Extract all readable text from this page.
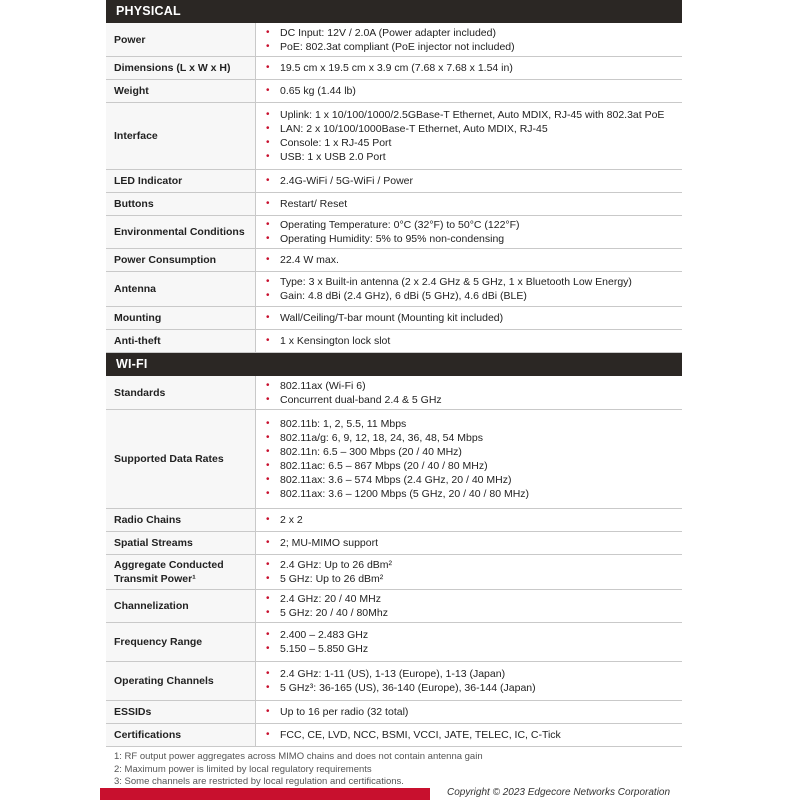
PHYSICAL
Power
• DC Input: 12V / 2.0A (Power adapter included)
• PoE: 802.3at compliant (PoE injector not included)
Dimensions (L x W x H)	• 19.5 cm x 19.5 cm x 3.9 cm (7.68 x 7.68 x 1.54 in)
Weight	• 0.65 kg (1.44 lb)
Interface
• Uplink: 1 x 10/100/1000/2.5GBase-T Ethernet, Auto MDIX, RJ-45 with 802.3at PoE
• LAN: 2 x 10/100/1000Base-T Ethernet, Auto MDIX, RJ-45
• Console: 1 x RJ-45 Port
• USB: 1 x USB 2.0 Port
LED Indicator	• 2.4G-WiFi / 5G-WiFi / Power
Buttons	• Restart/ Reset
Environmental Conditions
• Operating Temperature: 0°C (32°F) to 50°C (122°F)
• Operating Humidity: 5% to 95% non-condensing
Power Consumption	• 22.4 W max.
Antenna
• Type: 3 x Built-in antenna (2 x 2.4 GHz & 5 GHz, 1 x Bluetooth Low Energy)
• Gain: 4.8 dBi (2.4 GHz), 6 dBi (5 GHz), 4.6 dBi (BLE)
Mounting	• Wall/Ceiling/T-bar mount (Mounting kit included)
Anti-theft	• 1 x Kensington lock slot
WI-FI
Standards
• 802.11ax (Wi-Fi 6)
• Concurrent dual-band 2.4 & 5 GHz
Supported Data Rates
• 802.11b: 1, 2, 5.5, 11 Mbps
• 802.11a/g: 6, 9, 12, 18, 24, 36, 48, 54 Mbps
• 802.11n: 6.5 – 300 Mbps (20 / 40 MHz)
• 802.11ac: 6.5 – 867 Mbps (20 / 40 / 80 MHz)
• 802.11ax: 3.6 – 574 Mbps (2.4 GHz, 20 / 40 MHz)
• 802.11ax: 3.6 – 1200 Mbps (5 GHz, 20 / 40 / 80 MHz)
Radio Chains	• 2 x 2
Spatial Streams	• 2; MU-MIMO support
Aggregate Conducted Transmit Power¹
• 2.4 GHz: Up to 26 dBm²
• 5 GHz: Up to 26 dBm²
Channelization
• 2.4 GHz: 20 / 40 MHz
• 5 GHz: 20 / 40 / 80Mhz
Frequency Range
• 2.400 – 2.483 GHz
• 5.150 – 5.850 GHz
Operating Channels
• 2.4 GHz: 1-11 (US), 1-13 (Europe), 1-13 (Japan)
• 5 GHz³: 36-165 (US), 36-140 (Europe), 36-144 (Japan)
ESSIDs	• Up to 16 per radio (32 total)
Certifications	• FCC, CE, LVD, NCC, BSMI, VCCI, JATE, TELEC, IC, C-Tick
1: RF output power aggregates across MIMO chains and does not contain antenna gain
2: Maximum power is limited by local regulatory requirements
3: Some channels are restricted by local regulation and certifications.
Copyright © 2023 Edgecore Networks Corporation
